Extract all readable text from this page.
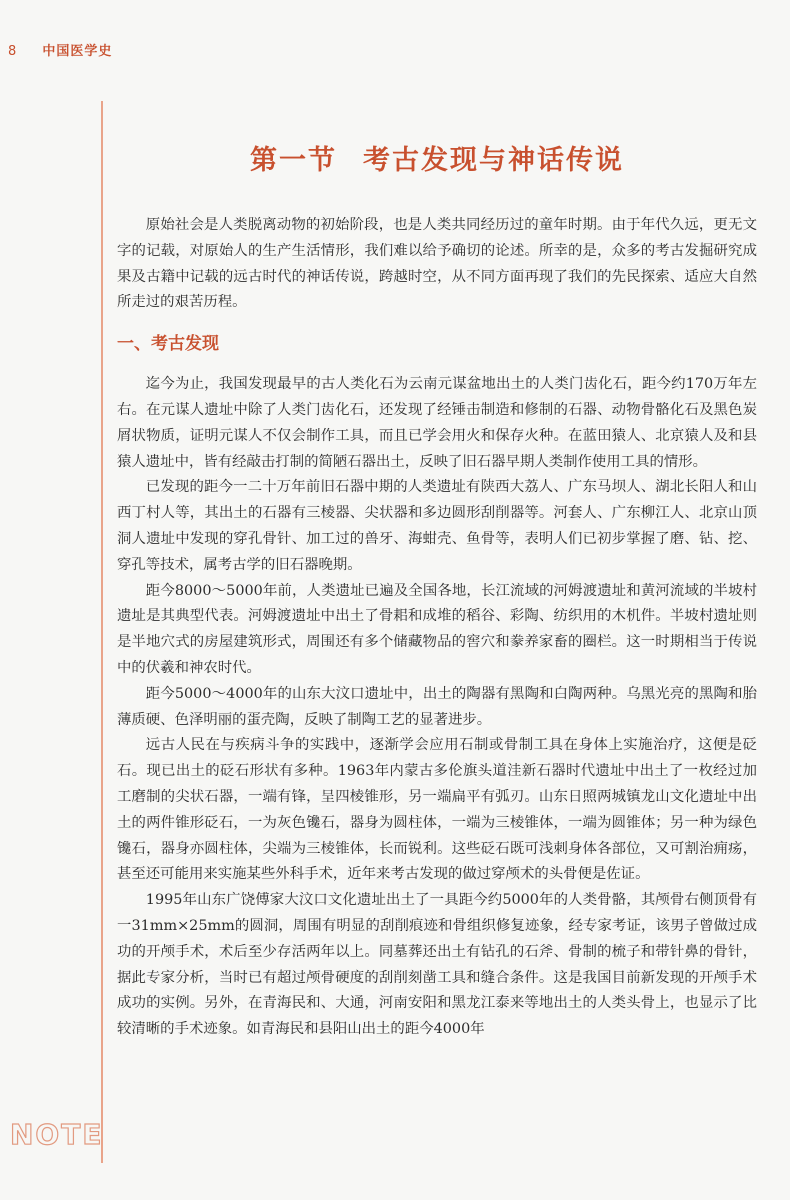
8 中国医学史
NOTE
第一节 考古发现与神话传说

原始社会是人类脱离动物的初始阶段，也是人类共同经历过的童年时期。由于年代久远，更无文字的记载，对原始人的生产生活情形，我们难以给予确切的论述。所幸的是，众多的考古发掘研究成果及古籍中记载的远古时代的神话传说，跨越时空，从不同方面再现了我们的先民探索、适应大自然所走过的艰苦历程。

一、考古发现

迄今为止，我国发现最早的古人类化石为云南元谋盆地出土的人类门齿化石，距今约170万年左右。在元谋人遗址中除了人类门齿化石，还发现了经锤击制造和修制的石器、动物骨骼化石及黑色炭屑状物质，证明元谋人不仅会制作工具，而且已学会用火和保存火种。在蓝田猿人、北京猿人及和县猿人遗址中，皆有经敲击打制的简陋石器出土，反映了旧石器早期人类制作使用工具的情形。

已发现的距今一二十万年前旧石器中期的人类遗址有陕西大荔人、广东马坝人、湖北长阳人和山西丁村人等，其出土的石器有三棱器、尖状器和多边圆形刮削器等。河套人、广东柳江人、北京山顶洞人遗址中发现的穿孔骨针、加工过的兽牙、海蚶壳、鱼骨等，表明人们已初步掌握了磨、钻、挖、穿孔等技术，属考古学的旧石器晚期。

距今8000～5000年前，人类遗址已遍及全国各地，长江流域的河姆渡遗址和黄河流域的半坡村遗址是其典型代表。河姆渡遗址中出土了骨耜和成堆的稻谷、彩陶、纺织用的木机件。半坡村遗址则是半地穴式的房屋建筑形式，周围还有多个储藏物品的窖穴和豢养家畜的圈栏。这一时期相当于传说中的伏羲和神农时代。

距今5000～4000年的山东大汶口遗址中，出土的陶器有黑陶和白陶两种。乌黑光亮的黑陶和胎薄质硬、色泽明丽的蛋壳陶，反映了制陶工艺的显著进步。

远古人民在与疾病斗争的实践中，逐渐学会应用石制或骨制工具在身体上实施治疗，这便是砭石。现已出土的砭石形状有多种。1963年内蒙古多伦旗头道洼新石器时代遗址中出土了一枚经过加工磨制的尖状石器，一端有锋，呈四棱锥形，另一端扁平有弧刃。山东日照两城镇龙山文化遗址中出土的两件锥形砭石，一为灰色镵石，器身为圆柱体，一端为三棱锥体，一端为圆锥体；另一种为绿色镵石，器身亦圆柱体，尖端为三棱锥体，长而锐利。这些砭石既可浅刺身体各部位，又可割治痈疡，甚至还可能用来实施某些外科手术，近年来考古发现的做过穿颅术的头骨便是佐证。

1995年山东广饶傅家大汶口文化遗址出土了一具距今约5000年的人类骨骼，其颅骨右侧顶骨有一31mm×25mm的圆洞，周围有明显的刮削痕迹和骨组织修复迹象，经专家考证，该男子曾做过成功的开颅手术，术后至少存活两年以上。同墓葬还出土有钻孔的石斧、骨制的梳子和带针鼻的骨针，据此专家分析，当时已有超过颅骨硬度的刮削刻凿工具和缝合条件。这是我国目前新发现的开颅手术成功的实例。另外，在青海民和、大通，河南安阳和黑龙江泰来等地出土的人类头骨上，也显示了比较清晰的手术迹象。如青海民和县阳山出土的距今4000年
